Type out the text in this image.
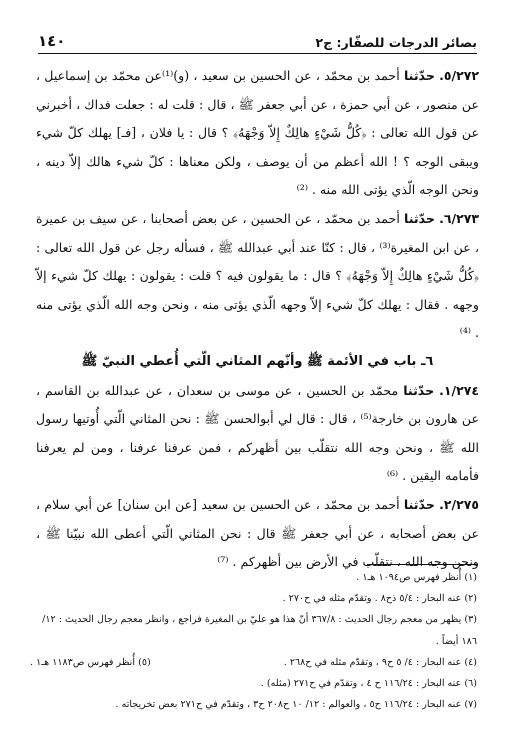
بصائر الدرجات للصفّار: ج٢
١٤٠

٥/٢٧٢. حدّثنا أحمد بن محمّد ، عن الحسين بن سعيد ، (و)⁽¹⁾عن محمّد بن إسماعيل ، عن منصور ، عن أبي حمزة ، عن أبي جعفر ﷺ ، قال : قلت له : جعلت فداك ، أخبرني عن قول الله تعالى : ﴿كُلُّ شَيْءٍ هالِكٌ إِلاّ وَجْهَهُ﴾ ؟ قال : يا فلان ، [فـ] يهلك كلّ شيء ويبقى الوجه ؟ ! الله أعظم من أن يوصف ، ولكن معناها : كلّ شيء هالك إلاّ دينه ، ونحن الوجه الّذي يؤتى الله منه . ⁽²⁾

٦/٢٧٣. حدّثنا أحمد بن محمّد ، عن الحسين ، عن بعض أصحابنا ، عن سيف بن عميرة ، عن ابن المغيرة⁽³⁾ ، قال : كنّا عند أبي عبدالله ﷺ ، فسأله رجل عن قول الله تعالى : ﴿كُلُّ شَيْءٍ هالِكٌ إِلاّ وَجْهَهُ﴾ ؟ قال : ما يقولون فيه ؟ قلت : يقولون : يهلك كلّ شيء إلاّ وجهه . فقال : يهلك كلّ شيء إلاّ وجهه الّذي يؤتى منه ، ونحن وجه الله الّذي يؤتى منه . ⁽⁴⁾

٦ـ باب في الأئمة ﷺ وأنّهم المثاني الّتي أُعطي النبيّ ﷺ

١/٢٧٤. حدّثنا محمّد بن الحسين ، عن موسى بن سعدان ، عن عبدالله بن القاسم ، عن هارون بن خارجة⁽⁵⁾ ، قال : قال لي أبوالحسن ﷺ : نحن المثاني الّتي أُوتيها رسول الله ﷺ ، ونحن وجه الله نتقلّب بين أظهركم ، فمن عرفنا عرفنا ، ومن لم يعرفنا فأمامه اليقين . ⁽⁶⁾

٢/٢٧٥. حدّثنا أحمد بن محمّد ، عن الحسين بن سعيد [عن ابن سنان] عن أبي سلام ، عن بعض أصحابه ، عن أبي جعفر ﷺ قال : نحن المثاني الّتي أعطى الله نبيّنا ﷺ ، ونحن وجه الله ، نتقلّب في الأرض بين أظهركم . ⁽⁷⁾

(١) أُنظر فهرس ص١٠٩٤ هـ١ .

(٢) عنه البحار : ٥/٤ ذح٨ . وتقدّم مثله في ح٢٧٠ .

(٣) يظهر من معجم رجال الحديث : ٣٦٧/٨ أنّ هذا هو عليّ بن المغيرة فراجع ، وانظر معجم رجال الحديث : ١٢/ ١٨٦ أيضاً .

(٤) عنه البحار : ٤/ ٥ ح٩ ، وتقدّم مثله في ح٢٦٨ .
(٥) أُنظر فهرس ص١١٨٣ هـ١ .

(٦) عنه البحار : ١١٦/٢٤ ح ٤ ، وتقدّم في ح٢٧١ (مثله) .

(٧) عنه البحار : ١١٦/٢٤ ح٥ ، والعوالم : ١٢/ ١٠ ح٢٠٨ ح٣ ، وتقدّم في ح٢٧١ بعض تخريجاته .
